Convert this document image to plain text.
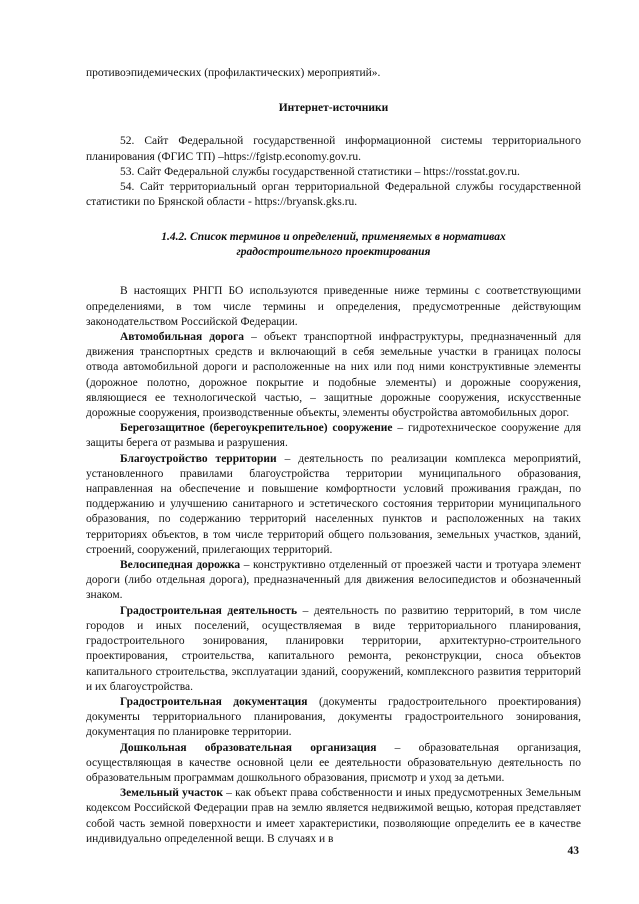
противоэпидемических (профилактических) мероприятий».

Интернет-источники

52. Сайт Федеральной государственной информационной системы территориального планирования (ФГИС ТП) –https://fgistp.economy.gov.ru.

53. Сайт Федеральной службы государственной статистики – https://rosstat.gov.ru.

54. Сайт территориальный орган территориальной Федеральной службы государственной статистики по Брянской области - https://bryansk.gks.ru.

1.4.2. Список терминов и определений, применяемых в нормативах
градостроительного проектирования

В настоящих РНГП БО используются приведенные ниже термины с соответствующими определениями, в том числе термины и определения, предусмотренные действующим законодательством Российской Федерации.

Автомобильная дорога – объект транспортной инфраструктуры, предназначенный для движения транспортных средств и включающий в себя земельные участки в границах полосы отвода автомобильной дороги и расположенные на них или под ними конструктивные элементы (дорожное полотно, дорожное покрытие и подобные элементы) и дорожные сооружения, являющиеся ее технологической частью, – защитные дорожные сооружения, искусственные дорожные сооружения, производственные объекты, элементы обустройства автомобильных дорог.

Берегозащитное (берегоукрепительное) сооружение – гидротехническое сооружение для защиты берега от размыва и разрушения.

Благоустройство территории – деятельность по реализации комплекса мероприятий, установленного правилами благоустройства территории муниципального образования, направленная на обеспечение и повышение комфортности условий проживания граждан, по поддержанию и улучшению санитарного и эстетического состояния территории муниципального образования, по содержанию территорий населенных пунктов и расположенных на таких территориях объектов, в том числе территорий общего пользования, земельных участков, зданий, строений, сооружений, прилегающих территорий.

Велосипедная дорожка – конструктивно отделенный от проезжей части и тротуара элемент дороги (либо отдельная дорога), предназначенный для движения велосипедистов и обозначенный знаком.

Градостроительная деятельность – деятельность по развитию территорий, в том числе городов и иных поселений, осуществляемая в виде территориального планирования, градостроительного зонирования, планировки территории, архитектурно-строительного проектирования, строительства, капитального ремонта, реконструкции, сноса объектов капитального строительства, эксплуатации зданий, сооружений, комплексного развития территорий и их благоустройства.

Градостроительная документация (документы градостроительного проектирования) документы территориального планирования, документы градостроительного зонирования, документация по планировке территории.

Дошкольная образовательная организация – образовательная организация, осуществляющая в качестве основной цели ее деятельности образовательную деятельность по образовательным программам дошкольного образования, присмотр и уход за детьми.

Земельный участок – как объект права собственности и иных предусмотренных Земельным кодексом Российской Федерации прав на землю является недвижимой вещью, которая представляет собой часть земной поверхности и имеет характеристики, позволяющие определить ее в качестве индивидуально определенной вещи. В случаях и в

43
